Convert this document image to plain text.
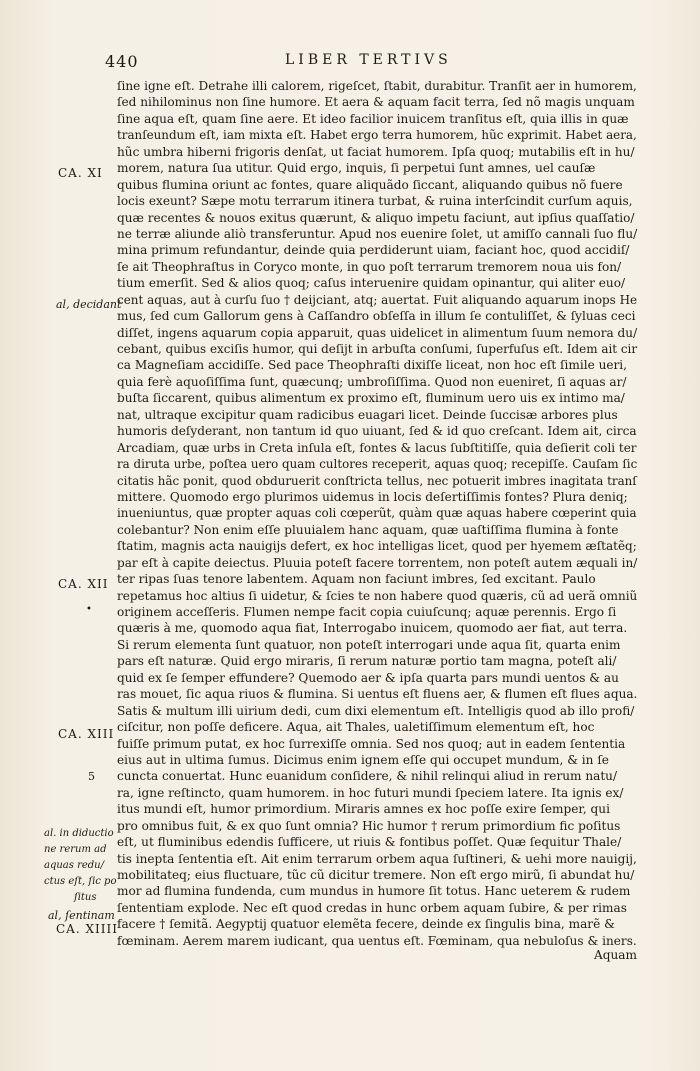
440	LIBER TERTIVS
ſine igne eſt. Detrahe illi calorem, rigeſcet, ſtabit, durabitur. Tranſit aer in humorem,
ſed nihilominus non ſine humore. Et aera & aquam facit terra, ſed nõ magis unquam
ſine aqua eſt, quam ſine aere. Et ideo facilior inuicem tranſitus eſt, quia illis in quæ
tranſeundum eſt, iam mixta eſt. Habet ergo terra humorem, hũc exprimit. Habet aera,
hũc umbra hiberni frigoris denſat, ut faciat humorem. Ipſa quoq; mutabilis eſt in hu/
morem, natura ſua utitur. Quid ergo, inquis, ſi perpetui ſunt amnes, uel cauſæ
quibus flumina oriunt ac fontes, quare aliquãdo ſiccant, aliquando quibus nõ fuere
locis exeunt? Sæpe motu terrarum itinera turbat, & ruina interſcindit curſum aquis,
quæ recentes & nouos exitus quærunt, & aliquo impetu faciunt, aut ipſius quaſſatio/
ne terræ aliunde aliò transferuntur. Apud nos euenire ſolet, ut amiſſo cannali ſuo flu/
mina primum refundantur, deinde quia perdiderunt uiam, faciant hoc, quod accidiſ/
ſe ait Theophraſtus in Coryco monte, in quo poſt terrarum tremorem noua uis fon/
tium emerſit. Sed & alios quoq; caſus interuenire quidam opinantur, qui aliter euo/
cent aquas, aut à curſu ſuo † deijciant, atq; auertat. Fuit aliquando aquarum inops He
mus, ſed cum Gallorum gens à Caſſandro obſeſſa in illum ſe contuliſſet, & ſyluas ceci
diſſet, ingens aquarum copia apparuit, quas uidelicet in alimentum ſuum nemora du/
cebant, quibus exciſis humor, qui deſijt in arbuſta conſumi, ſuperfuſus eſt. Idem ait cir
ca Magneſiam accidiſſe. Sed pace Theophraſti dixiſſe liceat, non hoc eſt ſimile ueri,
quia ferè aquoſiſſima ſunt, quæcunq; umbroſiſſima. Quod non eueniret, ſi aquas ar/
buſta ſiccarent, quibus alimentum ex proximo eſt, fluminum uero uis ex intimo ma/
nat, ultraque excipitur quam radicibus euagari licet. Deinde ſuccisæ arbores plus
humoris deſyderant, non tantum id quo uiuant, ſed & id quo creſcant. Idem ait, circa
Arcadiam, quæ urbs in Creta inſula eſt, fontes & lacus ſubſtitiſſe, quia deſierit coli ter
ra diruta urbe, poſtea uero quam cultores receperit, aquas quoq; recepiſſe. Cauſam ſic
citatis hãc ponit, quod obduruerit conſtricta tellus, nec potuerit imbres inagitata tranſ
mittere. Quomodo ergo plurimos uidemus in locis deſertiſſimis fontes? Plura deniq;
inueniuntus, quæ propter aquas coli cœperũt, quàm quæ aquas habere cœperint quia
colebantur? Non enim eſſe pluuialem hanc aquam, quæ uaſtiſſima flumina à fonte
ſtatim, magnis acta nauigijs defert, ex hoc intelligas licet, quod per hyemem æſtatẽq;
par eſt à capite deiectus. Pluuia poteſt facere torrentem, non poteſt autem æquali in/
ter ripas ſuas tenore labentem. Aquam non faciunt imbres, ſed excitant. Paulo
repetamus hoc altius ſi uidetur, & ſcies te non habere quod quæris, cũ ad uerã omniũ
originem acceſſeris. Flumen nempe facit copia cuiuſcunq; aquæ perennis. Ergo ſi
quæris à me, quomodo aqua fiat, Interrogabo inuicem, quomodo aer fiat, aut terra.
Si rerum elementa ſunt quatuor, non poteſt interrogari unde aqua ſit, quarta enim
pars eſt naturæ. Quid ergo miraris, ſi rerum naturæ portio tam magna, poteſt ali/
quid ex ſe ſemper effundere? Quemodo aer & ipſa quarta pars mundi uentos & au
ras mouet, ſic aqua riuos & flumina. Si uentus eſt fluens aer, & flumen eſt flues aqua.
Satis & multum illi uirium dedi, cum dixi elementum eſt. Intelligis quod ab illo profi/
ciſcitur, non poſſe deficere. Aqua, ait Thales, ualetiſſimum elementum eſt, hoc
fuiſſe primum putat, ex hoc ſurrexiſſe omnia. Sed nos quoq; aut in eadem ſententia
eius aut in ultima ſumus. Dicimus enim ignem eſſe qui occupet mundum, & in ſe
cuncta conuertat. Hunc euanidum conſidere, & nihil relinqui aliud in rerum natu/
ra, igne reſtincto, quam humorem. in hoc futuri mundi ſpeciem latere. Ita ignis ex/
itus mundi eſt, humor primordium. Miraris amnes ex hoc poſſe exire ſemper, qui
pro omnibus fuit, & ex quo ſunt omnia? Hic humor † rerum primordium fic poſitus
eſt, ut fluminibus edendis ſufficere, ut riuis & fontibus poſſet. Quæ ſequitur Thale/
tis inepta ſententia eſt. Ait enim terrarum orbem aqua ſuſtineri, & uehi more nauigij,
mobilitateq; eius fluctuare, tũc cũ dicitur tremere. Non eſt ergo mirũ, ſi abundat hu/
mor ad flumina fundenda, cum mundus in humore ſit totus. Hanc ueterem & rudem
ſententiam explode. Nec eſt quod credas in hunc orbem aquam ſubire, & per rimas
facere † ſemitã. Aegyptij quatuor elemẽta fecere, deinde ex ſingulis bina, marẽ &
fœminam. Aerem marem iudicant, qua uentus eſt. Fœminam, qua nebuloſus & iners.
Aquam
CA. XI
al, decidant
CA. XII
•
CA. XIII
5
al. in diductio
ne rerum ad
aquas redu/
ctus eſt, ſic po
ſitus
al, ſentinam
CA. XIIII
